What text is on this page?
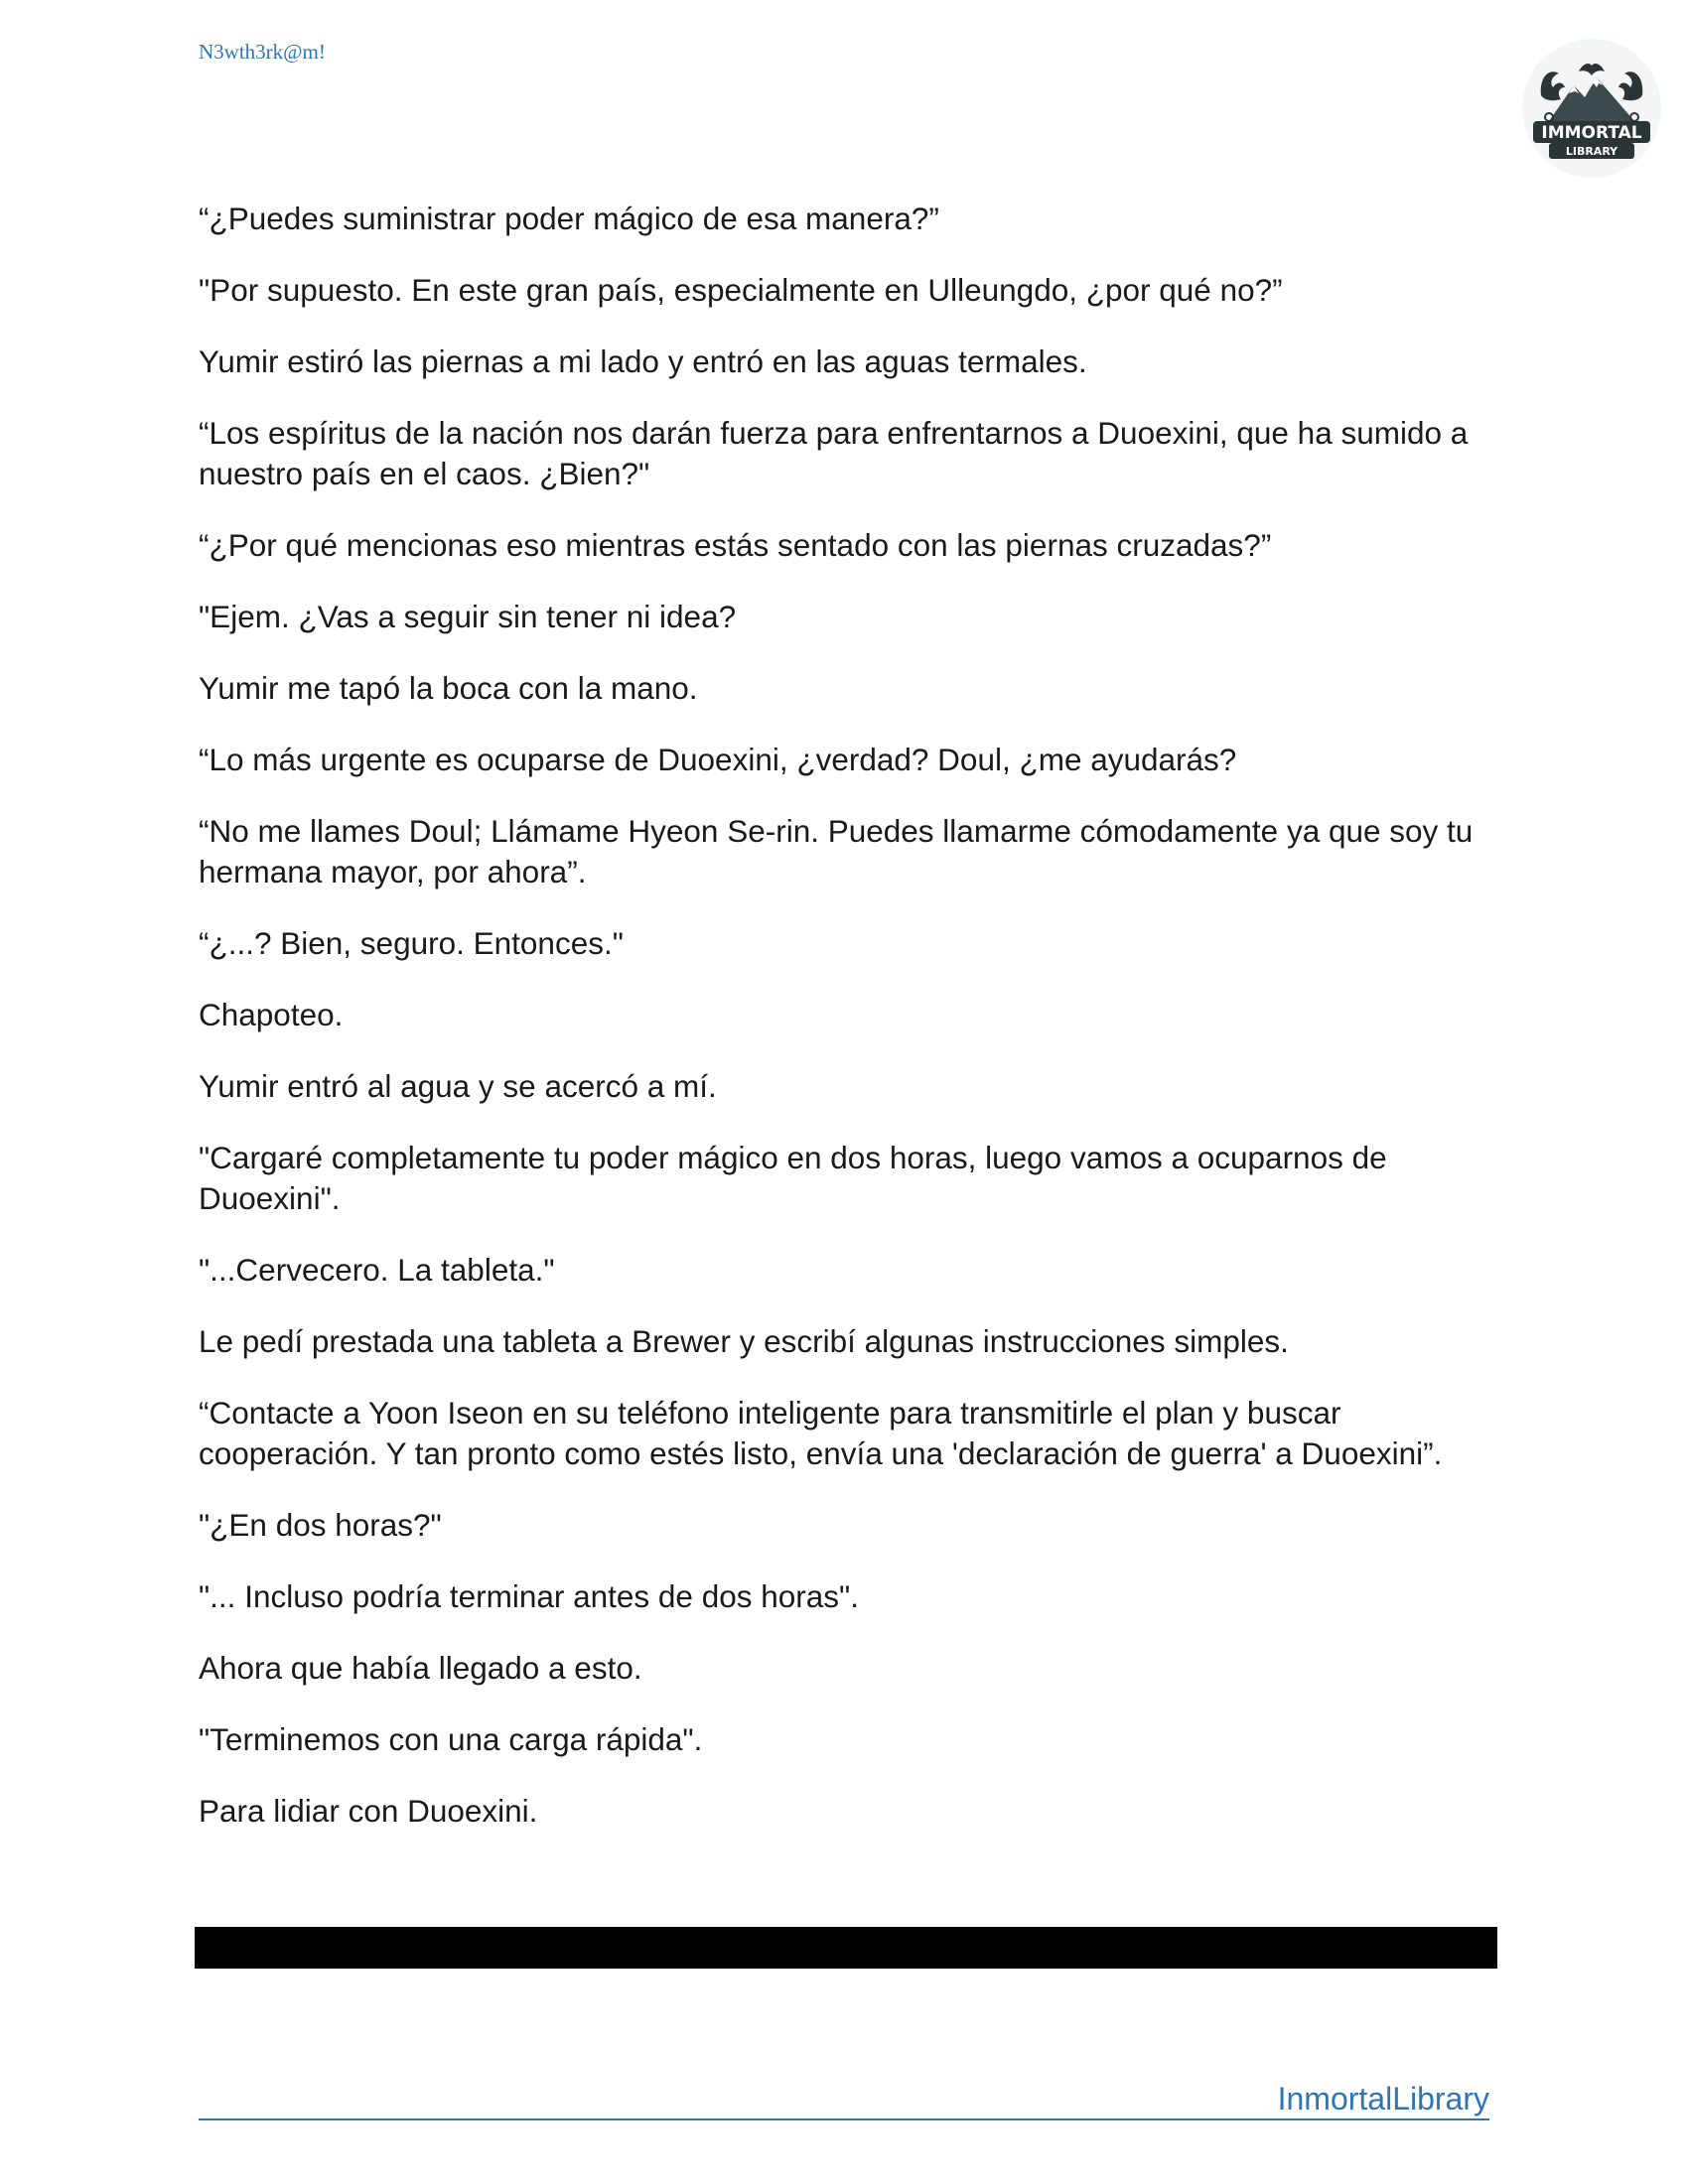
N3wth3rk@m!
IMMORTAL
LIBRARY

“¿Puedes suministrar poder mágico de esa manera?”

"Por supuesto. En este gran país, especialmente en Ulleungdo, ¿por qué no?”

Yumir estiró las piernas a mi lado y entró en las aguas termales.

“Los espíritus de la nación nos darán fuerza para enfrentarnos a Duoexini, que ha sumido a nuestro país en el caos. ¿Bien?"

“¿Por qué mencionas eso mientras estás sentado con las piernas cruzadas?”

"Ejem. ¿Vas a seguir sin tener ni idea?

Yumir me tapó la boca con la mano.

“Lo más urgente es ocuparse de Duoexini, ¿verdad? Doul, ¿me ayudarás?

“No me llames Doul; Llámame Hyeon Se-rin. Puedes llamarme cómodamente ya que soy tu hermana mayor, por ahora”.

“¿...? Bien, seguro. Entonces."

Chapoteo.

Yumir entró al agua y se acercó a mí.

"Cargaré completamente tu poder mágico en dos horas, luego vamos a ocuparnos de Duoexini".

"...Cervecero. La tableta."

Le pedí prestada una tableta a Brewer y escribí algunas instrucciones simples.

“Contacte a Yoon Iseon en su teléfono inteligente para transmitirle el plan y buscar cooperación. Y tan pronto como estés listo, envía una 'declaración de guerra' a Duoexini”.

"¿En dos horas?"

"... Incluso podría terminar antes de dos horas".

Ahora que había llegado a esto.

"Terminemos con una carga rápida".

Para lidiar con Duoexini.

InmortalLibrary
